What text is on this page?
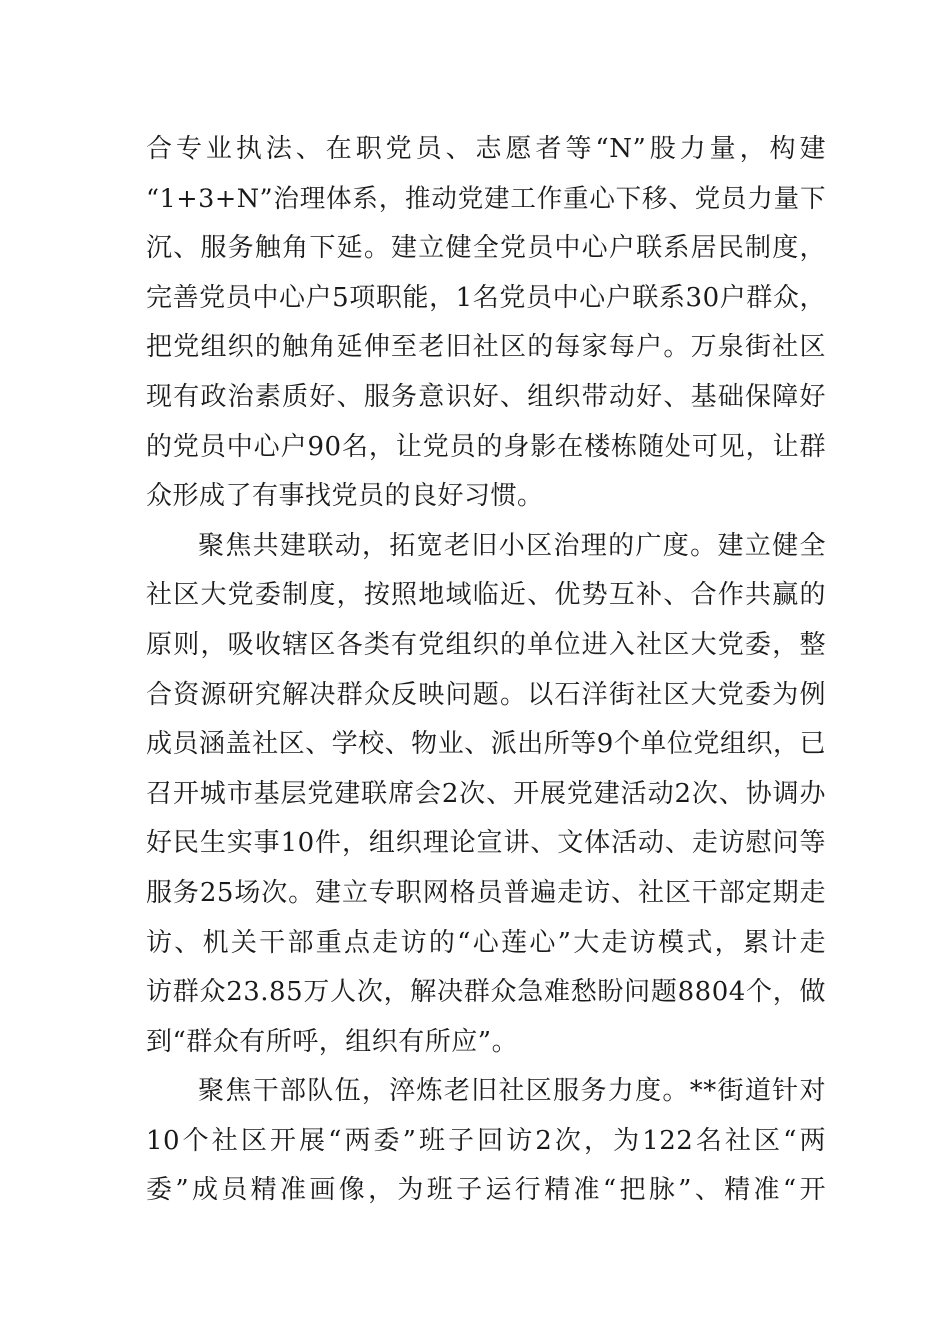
合专业执法、在职党员、志愿者等“N”股力量，构建
“1+3+N”治理体系，推动党建工作重心下移、党员力量下
沉、服务触角下延。建立健全党员中心户联系居民制度，
完善党员中心户5项职能，1名党员中心户联系30户群众，
把党组织的触角延伸至老旧社区的每家每户。万泉街社区
现有政治素质好、服务意识好、组织带动好、基础保障好
的党员中心户90名，让党员的身影在楼栋随处可见，让群
众形成了有事找党员的良好习惯。
聚焦共建联动，拓宽老旧小区治理的广度。建立健全
社区大党委制度，按照地域临近、优势互补、合作共赢的
原则，吸收辖区各类有党组织的单位进入社区大党委，整
合资源研究解决群众反映问题。以石洋街社区大党委为例
成员涵盖社区、学校、物业、派出所等9个单位党组织，已
召开城市基层党建联席会2次、开展党建活动2次、协调办
好民生实事10件，组织理论宣讲、文体活动、走访慰问等
服务25场次。建立专职网格员普遍走访、社区干部定期走
访、机关干部重点走访的“心莲心”大走访模式，累计走
访群众23.85万人次，解决群众急难愁盼问题8804个，做
到“群众有所呼，组织有所应”。
聚焦干部队伍，淬炼老旧社区服务力度。**街道针对
10个社区开展“两委”班子回访2次，为122名社区“两
委”成员精准画像，为班子运行精准“把脉”、精准“开
